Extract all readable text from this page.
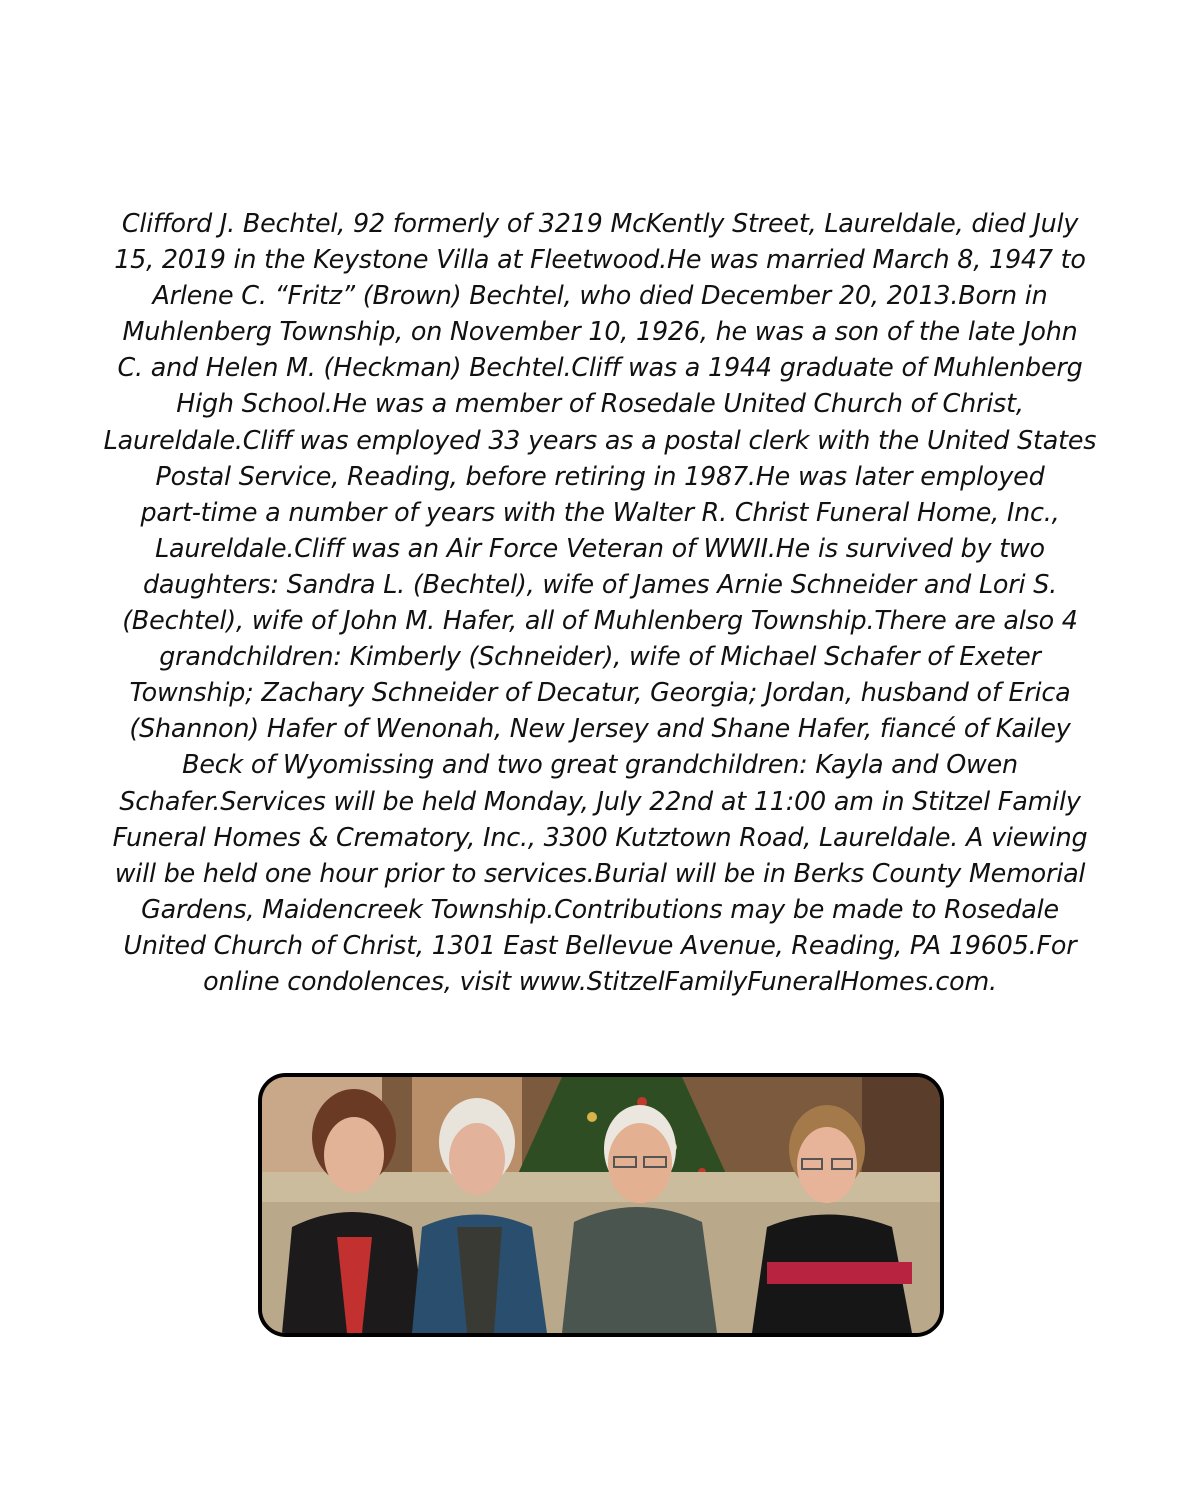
Clifford J. Bechtel, 92 formerly of 3219 McKently Street, Laureldale, died July
15, 2019 in the Keystone Villa at Fleetwood.He was married March 8, 1947 to
Arlene C. “Fritz” (Brown) Bechtel, who died December 20, 2013.Born in
Muhlenberg Township, on November 10, 1926, he was a son of the late John
C. and Helen M. (Heckman) Bechtel.Cliff was a 1944 graduate of Muhlenberg
High School.He was a member of Rosedale United Church of Christ,
Laureldale.Cliff was employed 33 years as a postal clerk with the United States
Postal Service, Reading, before retiring in 1987.He was later employed
part-time a number of years with the Walter R. Christ Funeral Home, Inc.,
Laureldale.Cliff was an Air Force Veteran of WWII.He is survived by two
daughters: Sandra L. (Bechtel), wife of James Arnie Schneider and Lori S.
(Bechtel), wife of John M. Hafer, all of Muhlenberg Township.There are also 4
grandchildren: Kimberly (Schneider), wife of Michael Schafer of Exeter
Township; Zachary Schneider of Decatur, Georgia; Jordan, husband of Erica
(Shannon) Hafer of Wenonah, New Jersey and Shane Hafer, fiancé of Kailey
Beck of Wyomissing and two great grandchildren: Kayla and Owen
Schafer.Services will be held Monday, July 22nd at 11:00 am in Stitzel Family
Funeral Homes & Crematory, Inc., 3300 Kutztown Road, Laureldale. A viewing
will be held one hour prior to services.Burial will be in Berks County Memorial
Gardens, Maidencreek Township.Contributions may be made to Rosedale
United Church of Christ, 1301 East Bellevue Avenue, Reading, PA 19605.For
online condolences, visit www.StitzelFamilyFuneralHomes.com.
